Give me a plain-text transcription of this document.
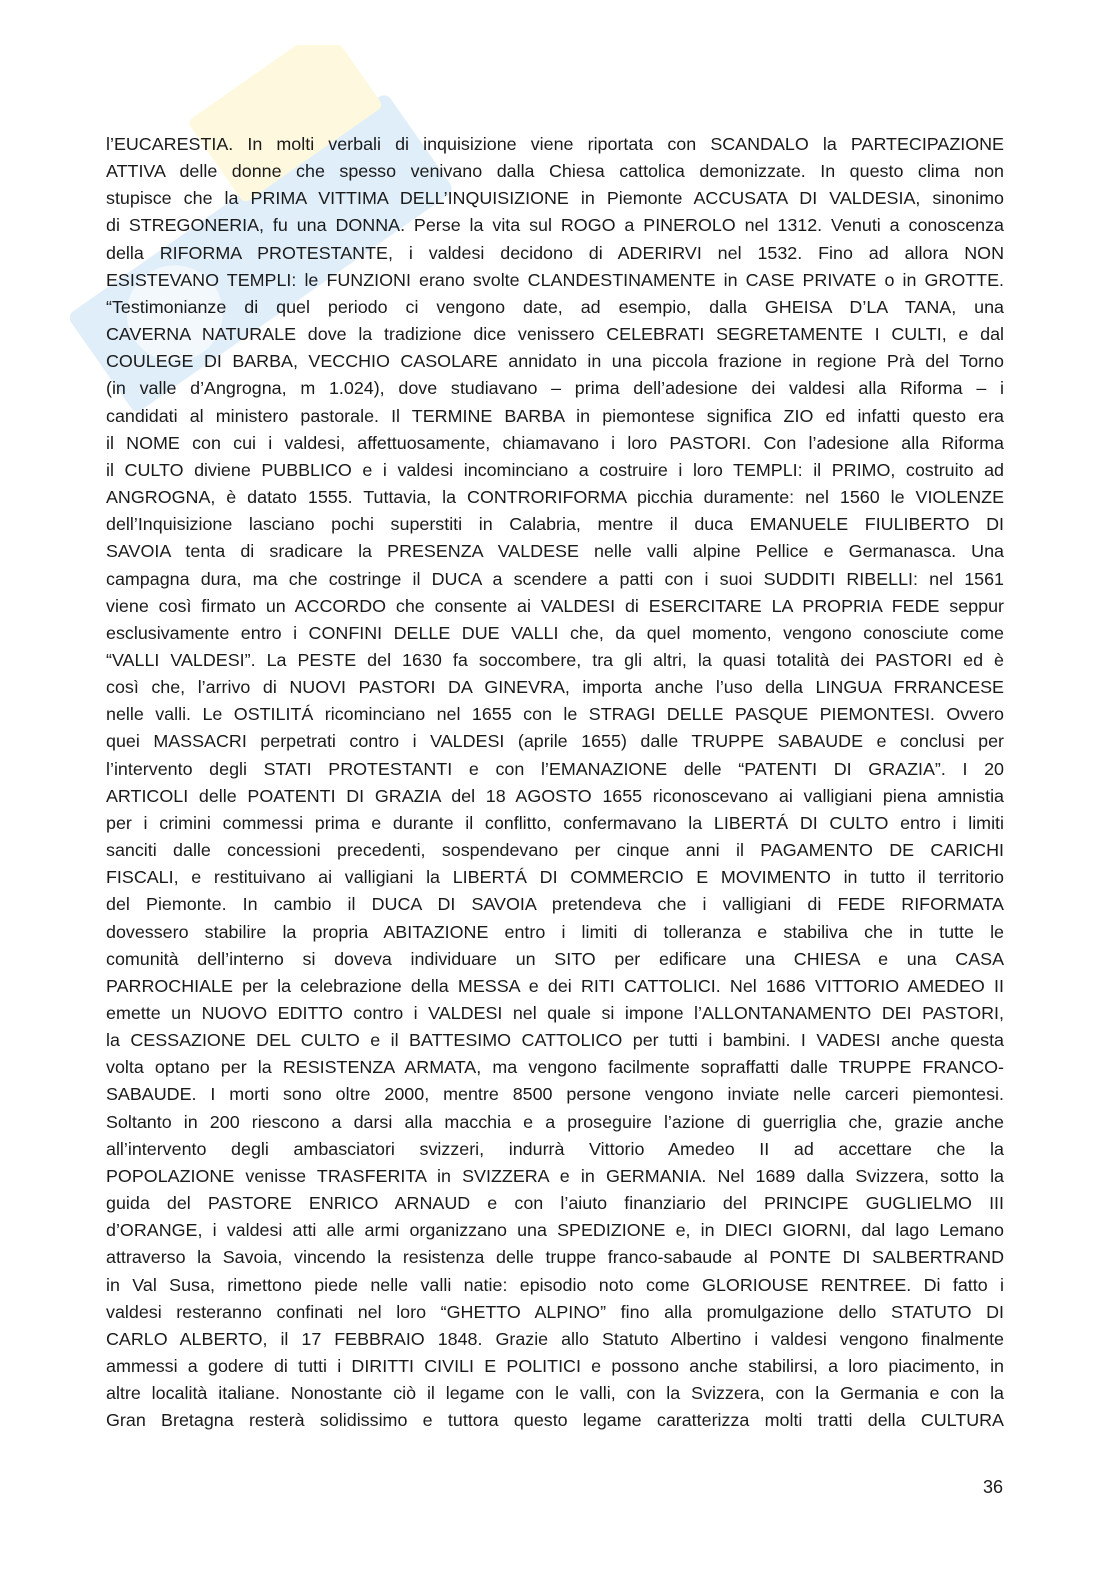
l’EUCARESTIA. In molti verbali di inquisizione viene riportata con SCANDALO la PARTECIPAZIONE
ATTIVA delle donne che spesso venivano dalla Chiesa cattolica demonizzate. In questo clima non
stupisce che la PRIMA VITTIMA DELL’INQUISIZIONE in Piemonte ACCUSATA DI VALDESIA, sinonimo
di STREGONERIA, fu una DONNA. Perse la vita sul ROGO a PINEROLO nel 1312. Venuti a conoscenza
della RIFORMA PROTESTANTE, i valdesi decidono di ADERIRVI nel 1532. Fino ad allora NON
ESISTEVANO TEMPLI: le FUNZIONI erano svolte CLANDESTINAMENTE in CASE PRIVATE o in GROTTE.
“Testimonianze di quel periodo ci vengono date, ad esempio, dalla GHEISA D’LA TANA, una
CAVERNA NATURALE dove la tradizione dice venissero CELEBRATI SEGRETAMENTE I CULTI, e dal
COULEGE DI BARBA, VECCHIO CASOLARE annidato in una piccola frazione in regione Prà del Torno
(in valle d’Angrogna, m 1.024), dove studiavano – prima dell’adesione dei valdesi alla Riforma – i
candidati al ministero pastorale. Il TERMINE BARBA in piemontese significa ZIO ed infatti questo era
il NOME con cui i valdesi, affettuosamente, chiamavano i loro PASTORI. Con l’adesione alla Riforma
il CULTO diviene PUBBLICO e i valdesi incominciano a costruire i loro TEMPLI: il PRIMO, costruito ad
ANGROGNA, è datato 1555. Tuttavia, la CONTRORIFORMA picchia duramente: nel 1560 le VIOLENZE
dell’Inquisizione lasciano pochi superstiti in Calabria, mentre il duca EMANUELE FIULIBERTO DI
SAVOIA tenta di sradicare la PRESENZA VALDESE nelle valli alpine Pellice e Germanasca. Una
campagna dura, ma che costringe il DUCA a scendere a patti con i suoi SUDDITI RIBELLI: nel 1561
viene così firmato un ACCORDO che consente ai VALDESI di ESERCITARE LA PROPRIA FEDE seppur
esclusivamente entro i CONFINI DELLE DUE VALLI che, da quel momento, vengono conosciute come
“VALLI VALDESI”. La PESTE del 1630 fa soccombere, tra gli altri, la quasi totalità dei PASTORI ed è
così che, l’arrivo di NUOVI PASTORI DA GINEVRA, importa anche l’uso della LINGUA FRRANCESE
nelle valli. Le OSTILITÁ ricominciano nel 1655 con le STRAGI DELLE PASQUE PIEMONTESI. Ovvero
quei MASSACRI perpetrati contro i VALDESI (aprile 1655) dalle TRUPPE SABAUDE e conclusi per
l’intervento degli STATI PROTESTANTI e con l’EMANAZIONE delle “PATENTI DI GRAZIA”. I 20
ARTICOLI delle POATENTI DI GRAZIA del 18 AGOSTO 1655 riconoscevano ai valligiani piena amnistia
per i crimini commessi prima e durante il conflitto, confermavano la LIBERTÁ DI CULTO entro i limiti
sanciti dalle concessioni precedenti, sospendevano per cinque anni il PAGAMENTO DE CARICHI
FISCALI, e restituivano ai valligiani la LIBERTÁ DI COMMERCIO E MOVIMENTO in tutto il territorio
del Piemonte. In cambio il DUCA DI SAVOIA pretendeva che i valligiani di FEDE RIFORMATA
dovessero stabilire la propria ABITAZIONE entro i limiti di tolleranza e stabiliva che in tutte le
comunità dell’interno si doveva individuare un SITO per edificare una CHIESA e una CASA
PARROCHIALE per la celebrazione della MESSA e dei RITI CATTOLICI. Nel 1686 VITTORIO AMEDEO II
emette un NUOVO EDITTO contro i VALDESI nel quale si impone l’ALLONTANAMENTO DEI PASTORI,
la CESSAZIONE DEL CULTO e il BATTESIMO CATTOLICO per tutti i bambini. I VADESI anche questa
volta optano per la RESISTENZA ARMATA, ma vengono facilmente sopraffatti dalle TRUPPE FRANCO-
SABAUDE. I morti sono oltre 2000, mentre 8500 persone vengono inviate nelle carceri piemontesi.
Soltanto in 200 riescono a darsi alla macchia e a proseguire l’azione di guerriglia che, grazie anche
all’intervento degli ambasciatori svizzeri, indurrà Vittorio Amedeo II ad accettare che la
POPOLAZIONE venisse TRASFERITA in SVIZZERA e in GERMANIA. Nel 1689 dalla Svizzera, sotto la
guida del PASTORE ENRICO ARNAUD e con l’aiuto finanziario del PRINCIPE GUGLIELMO III
d’ORANGE, i valdesi atti alle armi organizzano una SPEDIZIONE e, in DIECI GIORNI, dal lago Lemano
attraverso la Savoia, vincendo la resistenza delle truppe franco-sabaude al PONTE DI SALBERTRAND
in Val Susa, rimettono piede nelle valli natie: episodio noto come GLORIOUSE RENTREE. Di fatto i
valdesi resteranno confinati nel loro “GHETTO ALPINO” fino alla promulgazione dello STATUTO DI
CARLO ALBERTO, il 17 FEBBRAIO 1848. Grazie allo Statuto Albertino i valdesi vengono finalmente
ammessi a godere di tutti i DIRITTI CIVILI E POLITICI e possono anche stabilirsi, a loro piacimento, in
altre località italiane. Nonostante ciò il legame con le valli, con la Svizzera, con la Germania e con la
Gran Bretagna resterà solidissimo e tuttora questo legame caratterizza molti tratti della CULTURA
36
